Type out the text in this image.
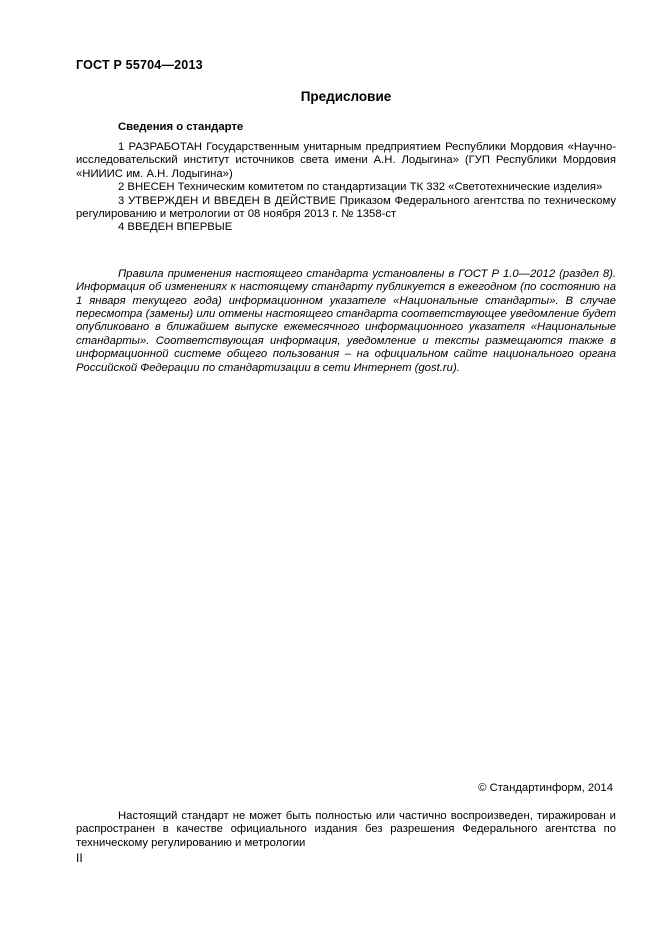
ГОСТ Р 55704—2013
Предисловие
Сведения о стандарте

1 РАЗРАБОТАН Государственным унитарным предприятием Республики Мордовия «Научно-исследовательский институт источников света имени А.Н. Лодыгина» (ГУП Республики Мордовия «НИИИС им. А.Н. Лодыгина»)

2 ВНЕСЕН Техническим комитетом по стандартизации ТК 332 «Светотехнические изделия»

3 УТВЕРЖДЕН И ВВЕДЕН В ДЕЙСТВИЕ Приказом Федерального агентства по техническому регулированию и метрологии от 08 ноября 2013 г. № 1358-ст

4 ВВЕДЕН ВПЕРВЫЕ

Правила применения настоящего стандарта установлены в ГОСТ Р 1.0—2012 (раздел 8). Информация об изменениях к настоящему стандарту публикуется в ежегодном (по состоянию на 1 января текущего года) информационном указателе «Национальные стандарты». В случае пересмотра (замены) или отмены настоящего стандарта соответствующее уведомление будет опубликовано в ближайшем выпуске ежемесячного информационного указателя «Национальные стандарты». Соответствующая информация, уведомление и тексты размещаются также в информационной системе общего пользования – на официальном сайте национального органа Российской Федерации по стандартизации в сети Интернет (gost.ru).

© Стандартинформ, 2014

Настоящий стандарт не может быть полностью или частично воспроизведен, тиражирован и распространен в качестве официального издания без разрешения Федерального агентства по техническому регулированию и метрологии

II
